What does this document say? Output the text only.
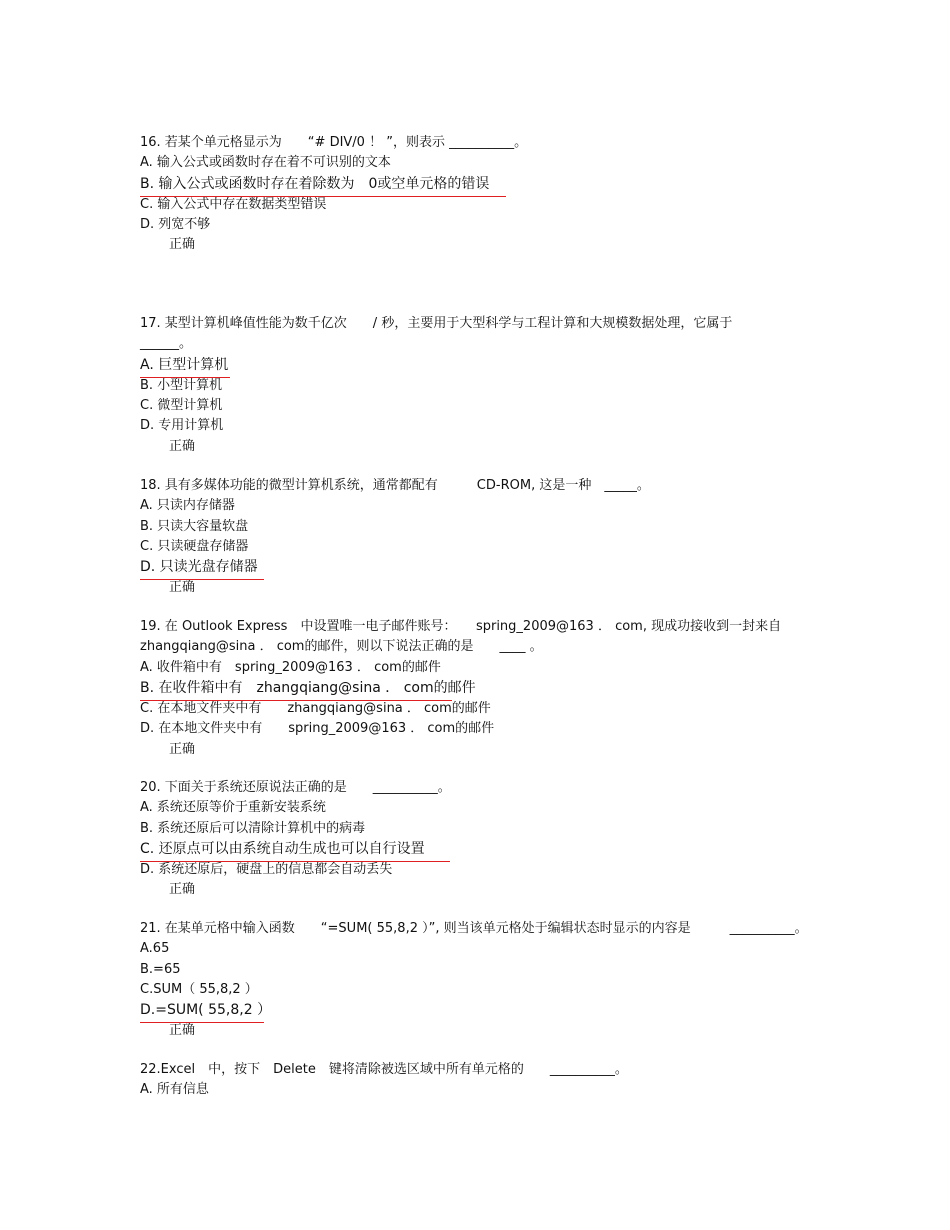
16. 若某个单元格显示为　　“# DIV/0 ！ ”，则表示 __________。

A. 输入公式或函数时存在着不可识别的文本

B. 输入公式或函数时存在着除数为　0或空单元格的错误

C. 输入公式中存在数据类型错误

D. 列宽不够

正确

17. 某型计算机峰值性能为数千亿次　　/ 秒，主要用于大型科学与工程计算和大规模数据处理，它属于

______。

A. 巨型计算机

B. 小型计算机

C. 微型计算机

D. 专用计算机

正确

18. 具有多媒体功能的微型计算机系统，通常都配有　　　CD-ROM, 这是一种　_____。

A. 只读内存储器

B. 只读大容量软盘

C. 只读硬盘存储器

D. 只读光盘存储器

正确

19. 在 Outlook Express　中设置唯一电子邮件账号：　　spring_2009@163 ． com, 现成功接收到一封来自

zhangqiang@sina ． com的邮件，则以下说法正确的是　　____ 。

A. 收件箱中有　spring_2009@163 ． com的邮件

B. 在收件箱中有　zhangqiang@sina ． com的邮件

C. 在本地文件夹中有　　zhangqiang@sina ． com的邮件

D. 在本地文件夹中有　　spring_2009@163 ． com的邮件

正确

20. 下面关于系统还原说法正确的是　　__________。

A. 系统还原等价于重新安装系统

B. 系统还原后可以清除计算机中的病毒

C. 还原点可以由系统自动生成也可以自行设置

D. 系统还原后，硬盘上的信息都会自动丢失

正确

21. 在某单元格中输入函数　　“=SUM( 55,8,2 ）”, 则当该单元格处于编辑状态时显示的内容是　　　__________。

A.65

B.=65

C.SUM（ 55,8,2 ）

D.=SUM( 55,8,2 ）

正确

22.Excel　中，按下　Delete　键将清除被选区域中所有单元格的　　__________。

A. 所有信息
